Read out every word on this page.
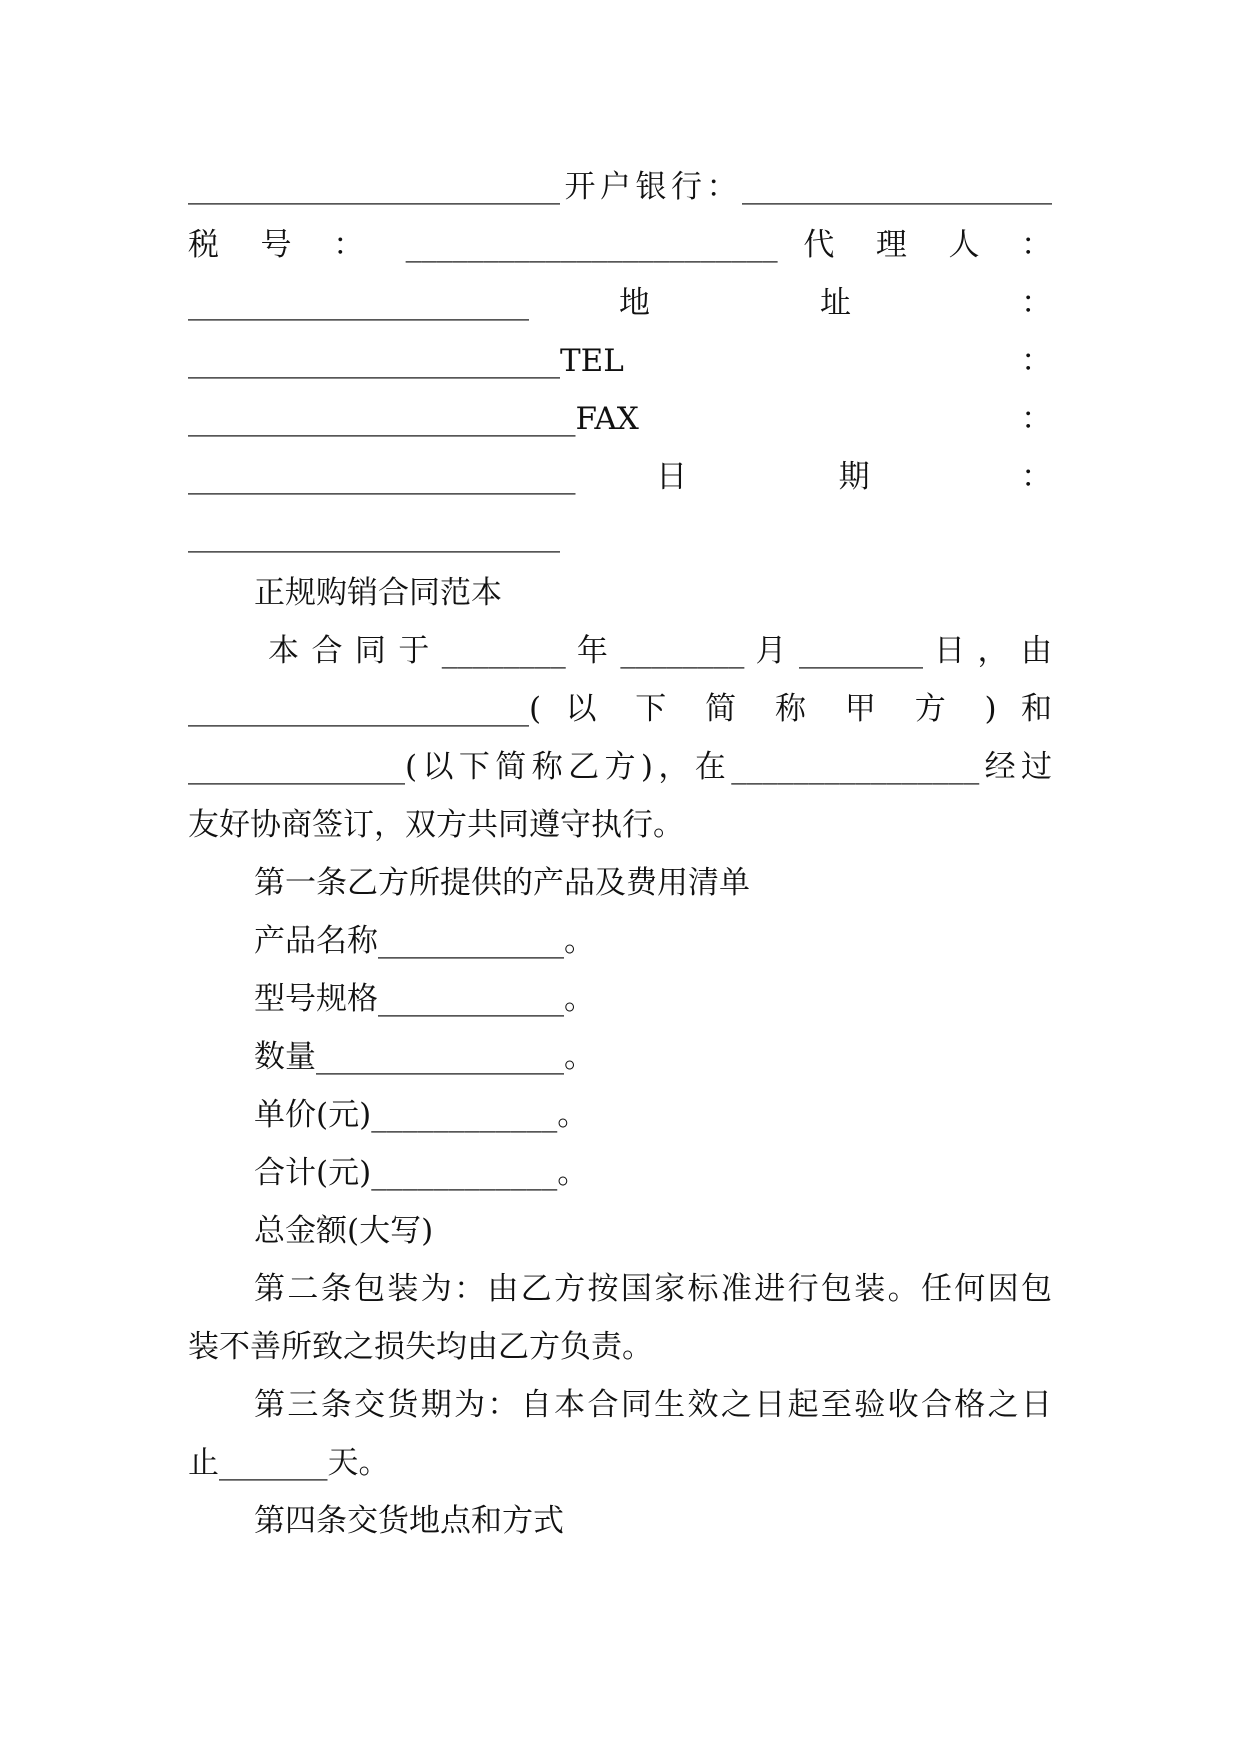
________________________开户银行：____________________
税 号 ： ________________________ 代 理 人 ：
______________________ 地 址 ：
________________________TEL ：
_________________________FAX ：
_________________________ 日 期 ：
________________________
正规购销合同范本
本 合 同 于 ________ 年 ________ 月 ________ 日 ， 由
______________________( 以 下 简 称 甲 方 ) 和
______________(以下简称乙方)，在________________经过
友好协商签订，双方共同遵守执行。
第一条乙方所提供的产品及费用清单
产品名称____________。
型号规格____________。
数量________________。
单价(元)____________。
合计(元)____________。
总金额(大写)
第二条包装为：由乙方按国家标准进行包装。任何因包
装不善所致之损失均由乙方负责。
第三条交货期为：自本合同生效之日起至验收合格之日
止_______天。
第四条交货地点和方式
